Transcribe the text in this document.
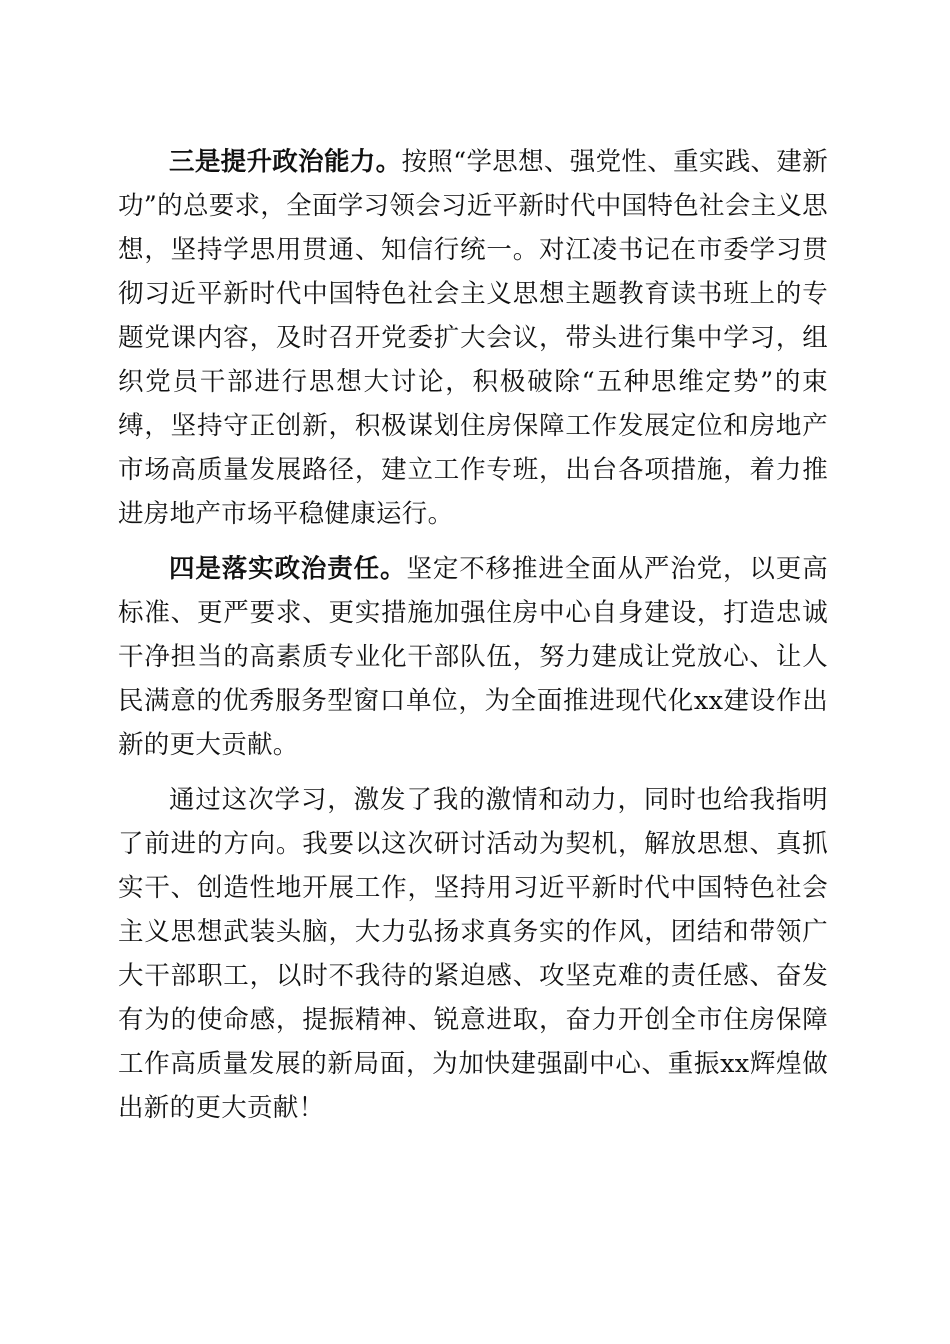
三是提升政治能力。按照“学思想、强党性、重实践、建新功”的总要求，全面学习领会习近平新时代中国特色社会主义思想，坚持学思用贯通、知信行统一。对江凌书记在市委学习贯彻习近平新时代中国特色社会主义思想主题教育读书班上的专题党课内容，及时召开党委扩大会议，带头进行集中学习，组织党员干部进行思想大讨论，积极破除“五种思维定势”的束缚，坚持守正创新，积极谋划住房保障工作发展定位和房地产市场高质量发展路径，建立工作专班，出台各项措施，着力推进房地产市场平稳健康运行。

四是落实政治责任。坚定不移推进全面从严治党，以更高标准、更严要求、更实措施加强住房中心自身建设，打造忠诚干净担当的高素质专业化干部队伍，努力建成让党放心、让人民满意的优秀服务型窗口单位，为全面推进现代化xx建设作出新的更大贡献。

通过这次学习，激发了我的激情和动力，同时也给我指明了前进的方向。我要以这次研讨活动为契机，解放思想、真抓实干、创造性地开展工作，坚持用习近平新时代中国特色社会主义思想武装头脑，大力弘扬求真务实的作风，团结和带领广大干部职工，以时不我待的紧迫感、攻坚克难的责任感、奋发有为的使命感，提振精神、锐意进取，奋力开创全市住房保障工作高质量发展的新局面，为加快建强副中心、重振xx辉煌做出新的更大贡献！
